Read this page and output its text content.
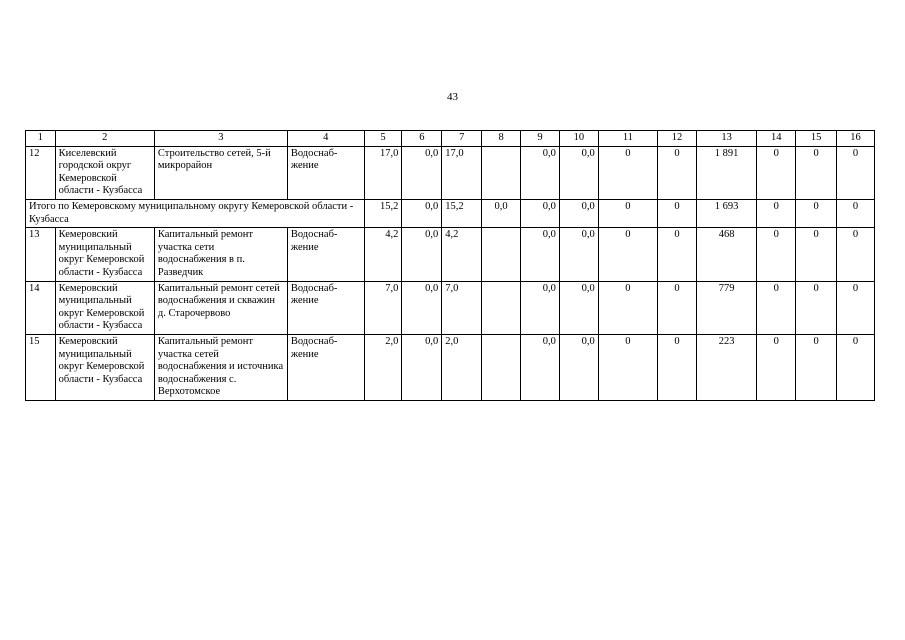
43
1	2	3	4	5	6	7	8	9	10	11	12	13	14	15	16
12	Киселевский городской округ Кемеровской области - Кузбасса	Строительство сетей, 5-й микрорайон	Водоснаб-жение	17,0	0,0	17,0		0,0	0,0	0	0	1 891	0	0	0
Итого по Кемеровскому муниципальному округу Кемеровской области - Кузбасса				15,2	0,0	15,2	0,0	0,0	0,0	0	0	1 693	0	0	0
13	Кемеровский муниципальный округ Кемеровской области - Кузбасса	Капитальный ремонт участка сети водоснабжения в п. Разведчик	Водоснаб-жение	4,2	0,0	4,2		0,0	0,0	0	0	468	0	0	0
14	Кемеровский муниципальный округ Кемеровской области - Кузбасса	Капитальный ремонт сетей водоснабжения и скважин д. Старочервово	Водоснаб-жение	7,0	0,0	7,0		0,0	0,0	0	0	779	0	0	0
15	Кемеровский муниципальный округ Кемеровской области - Кузбасса	Капитальный ремонт участка сетей водоснабжения и источника водоснабжения с. Верхотомское	Водоснаб-жение	2,0	0,0	2,0		0,0	0,0	0	0	223	0	0	0
